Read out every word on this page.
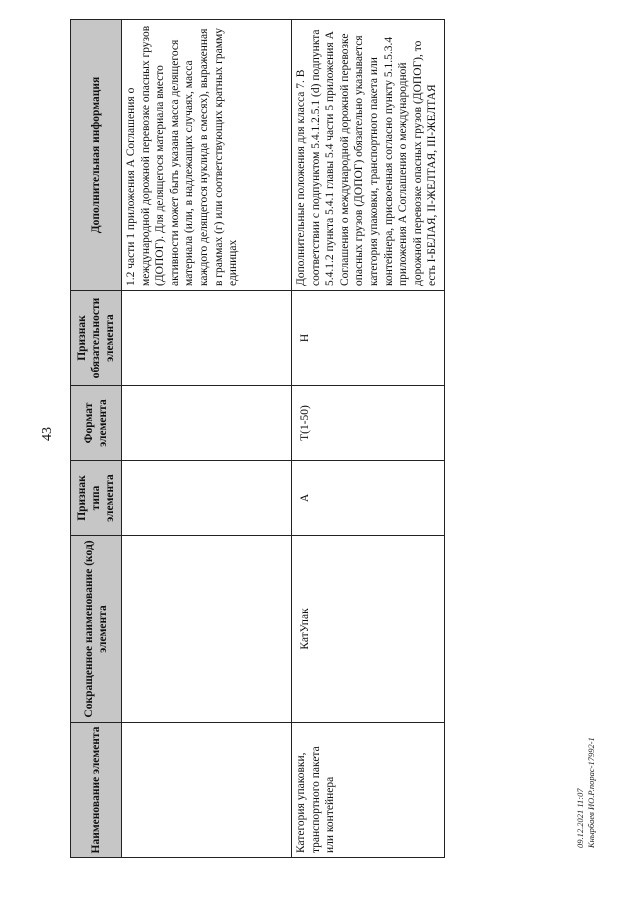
43
09.12.2021 11:07 Кнырбаев ИО.Р.порас-17992-1
Наименование элемента	Сокращенное наименование (код) элемента	Признак типа элемента	Формат элемента	Признак обязательности элемента	Дополнительная информация
					1.2 части 1 приложения А Соглашения о международной дорожной перевозке опасных грузов (ДОПОГ). Для делящегося материала вместо активности может быть указана масса делящегося материала (или, в надлежащих случаях, масса каждого делящегося нуклида в смесях), выраженная в граммах (г) или соответствующих кратных грамму единицах
Категория упаковки, транспортного пакета или контейнера	КатУпак	А	T(1-50)	Н	Дополнительные положения для класса 7. В соответствии с подпунктом 5.4.1.2.5.1 (d) подпункта 5.4.1.2 пункта 5.4.1 главы 5.4 части 5 приложения А Соглашения о международной дорожной перевозке опасных грузов (ДОПОГ) обязательно указывается категория упаковки, транспортного пакета или контейнера, присвоенная согласно пункту 5.1.5.3.4 приложения А Соглашения о международной дорожной перевозке опасных грузов (ДОПОГ), то есть I-БЕЛАЯ, II-ЖЕЛТАЯ, III-ЖЕЛТАЯ
